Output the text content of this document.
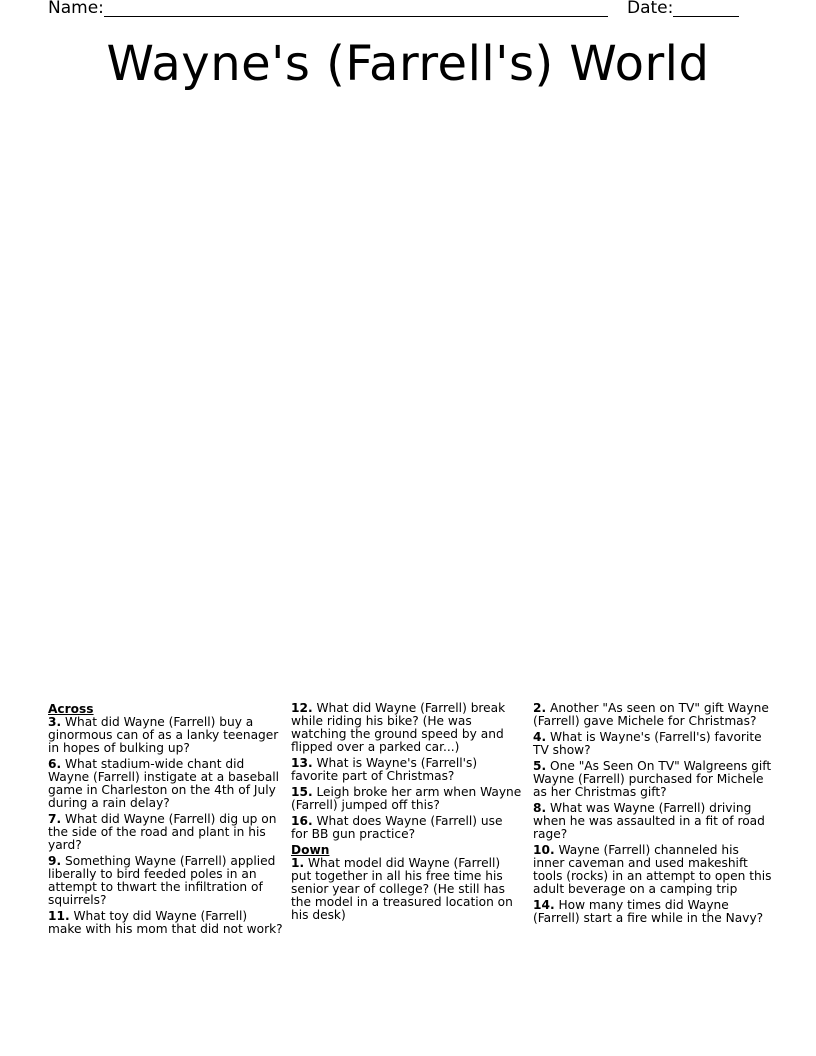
Name:	Date:
Wayne's (Farrell's) World
Across
3. What did Wayne (Farrell) buy a ginormous can of as a lanky teenager in hopes of bulking up?
6. What stadium-wide chant did Wayne (Farrell) instigate at a baseball game in Charleston on the 4th of July during a rain delay?
7. What did Wayne (Farrell) dig up on the side of the road and plant in his yard?
9. Something Wayne (Farrell) applied liberally to bird feeded poles in an attempt to thwart the infiltration of squirrels?
11. What toy did Wayne (Farrell) make with his mom that did not work?
12. What did Wayne (Farrell) break while riding his bike? (He was watching the ground speed by and flipped over a parked car...)
13. What is Wayne's (Farrell's) favorite part of Christmas?
15. Leigh broke her arm when Wayne (Farrell) jumped off this?
16. What does Wayne (Farrell) use for BB gun practice?
Down
1. What model did Wayne (Farrell) put together in all his free time his senior year of college? (He still has the model in a treasured location on his desk)
2. Another "As seen on TV" gift Wayne (Farrell) gave Michele for Christmas?
4. What is Wayne's (Farrell's) favorite TV show?
5. One "As Seen On TV" Walgreens gift Wayne (Farrell) purchased for Michele as her Christmas gift?
8. What was Wayne (Farrell) driving when he was assaulted in a fit of road rage?
10. Wayne (Farrell) channeled his inner caveman and used makeshift tools (rocks) in an attempt to open this adult beverage on a camping trip
14. How many times did Wayne (Farrell) start a fire while in the Navy?
